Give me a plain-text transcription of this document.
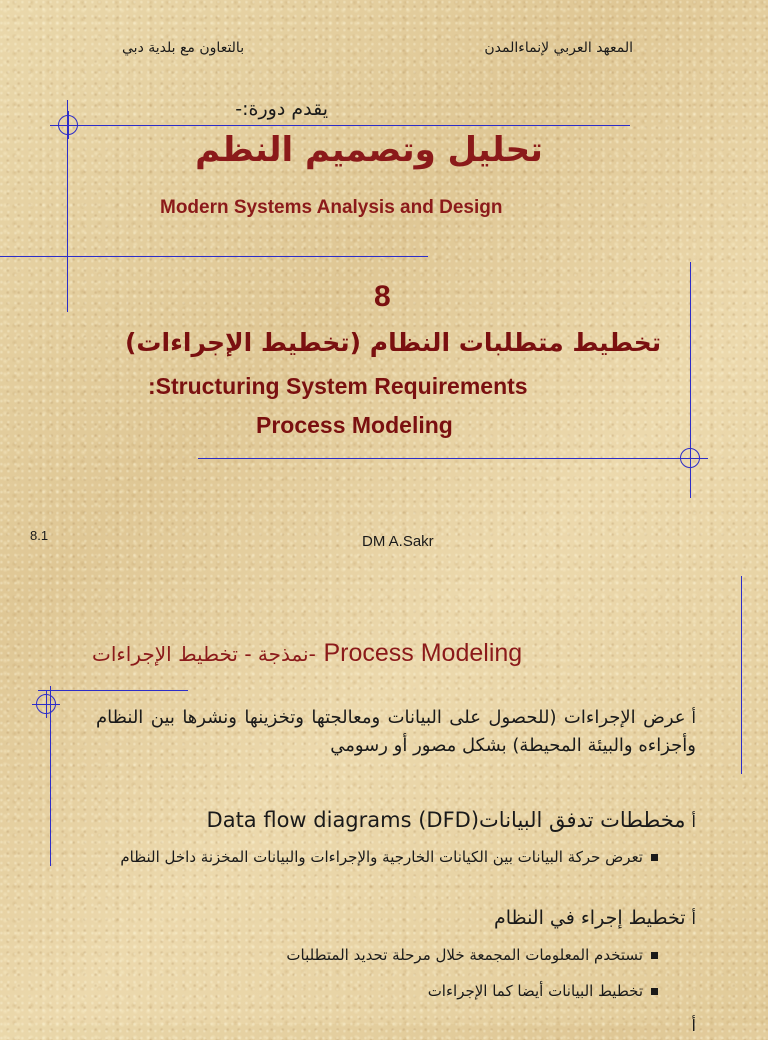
المعهد العربي لإنماءالمدن
بالتعاون مع بلدية دبي
يقدم دورة:-
تحليل وتصميم النظم
Modern Systems Analysis and Design
8
تخطيط متطلبات النظام (تخطيط الإجراءات)
:Structuring System Requirements
Process Modeling
8.1	DM A.Sakr
-نمذجة - تخطيط الإجراءات Process Modeling
أعرض الإجراءات (للحصول على البيانات ومعالجتها وتخزينها ونشرها بين النظام وأجزاءه والبيئة المحيطة) بشكل مصور أو رسومي
أمخططات تدفق البياناتData flow diagrams (DFD)
تعرض حركة البيانات بين الكيانات الخارجية والإجراءات والبيانات المخزنة داخل النظام
أتخطيط إجراء في النظام
تستخدم المعلومات المجمعة خلال مرحلة تحديد المتطلبات
تخطيط البيانات أيضا كما الإجراءات
أ
